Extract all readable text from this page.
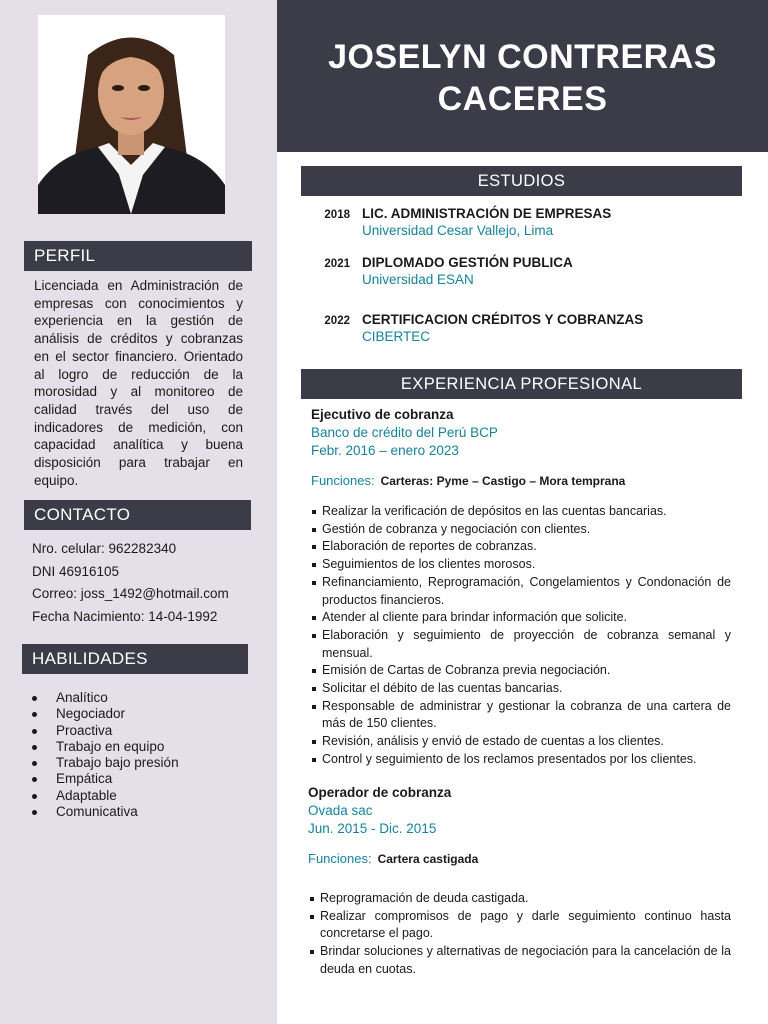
PERFIL

Licenciada en Administración de empresas con conocimientos y experiencia en la gestión de análisis de créditos y cobranzas en el sector financiero. Orientado al logro de reducción de la morosidad y al monitoreo de calidad través del uso de indicadores de medición, con capacidad analítica y buena disposición para trabajar en equipo.

CONTACTO
Nro. celular: 962282340
DNI 46916105
Correo: joss_1492@hotmail.com
Fecha Nacimiento: 14-04-1992
HABILIDADES
Analítico
Negociador
Proactiva
Trabajo en equipo
Trabajo bajo presión
Empática
Adaptable
Comunicativa
JOSELYN CONTRERAS CACERES
ESTUDIOS
2018 LIC. ADMINISTRACIÓN DE EMPRESAS
Universidad Cesar Vallejo, Lima
2021 DIPLOMADO GESTIÓN PUBLICA
Universidad ESAN
2022 CERTIFICACION CRÉDITOS Y COBRANZAS
CIBERTEC
EXPERIENCIA PROFESIONAL
Ejecutivo de cobranza
Banco de crédito del Perú BCP
Febr. 2016 – enero 2023
Funciones: Carteras: Pyme – Castigo – Mora temprana
Realizar la verificación de depósitos en las cuentas bancarias.
Gestión de cobranza y negociación con clientes.
Elaboración de reportes de cobranzas.
Seguimientos de los clientes morosos.
Refinanciamiento, Reprogramación, Congelamientos y Condonación de productos financieros.
Atender al cliente para brindar información que solicite.
Elaboración y seguimiento de proyección de cobranza semanal y mensual.
Emisión de Cartas de Cobranza previa negociación.
Solicitar el débito de las cuentas bancarias.
Responsable de administrar y gestionar la cobranza de una cartera de más de 150 clientes.
Revisión, análisis y envió de estado de cuentas a los clientes.
Control y seguimiento de los reclamos presentados por los clientes.
Operador de cobranza
Ovada sac
Jun. 2015 - Dic. 2015
Funciones: Cartera castigada
Reprogramación de deuda castigada.
Realizar compromisos de pago y darle seguimiento continuo hasta concretarse el pago.
Brindar soluciones y alternativas de negociación para la cancelación de la deuda en cuotas.
